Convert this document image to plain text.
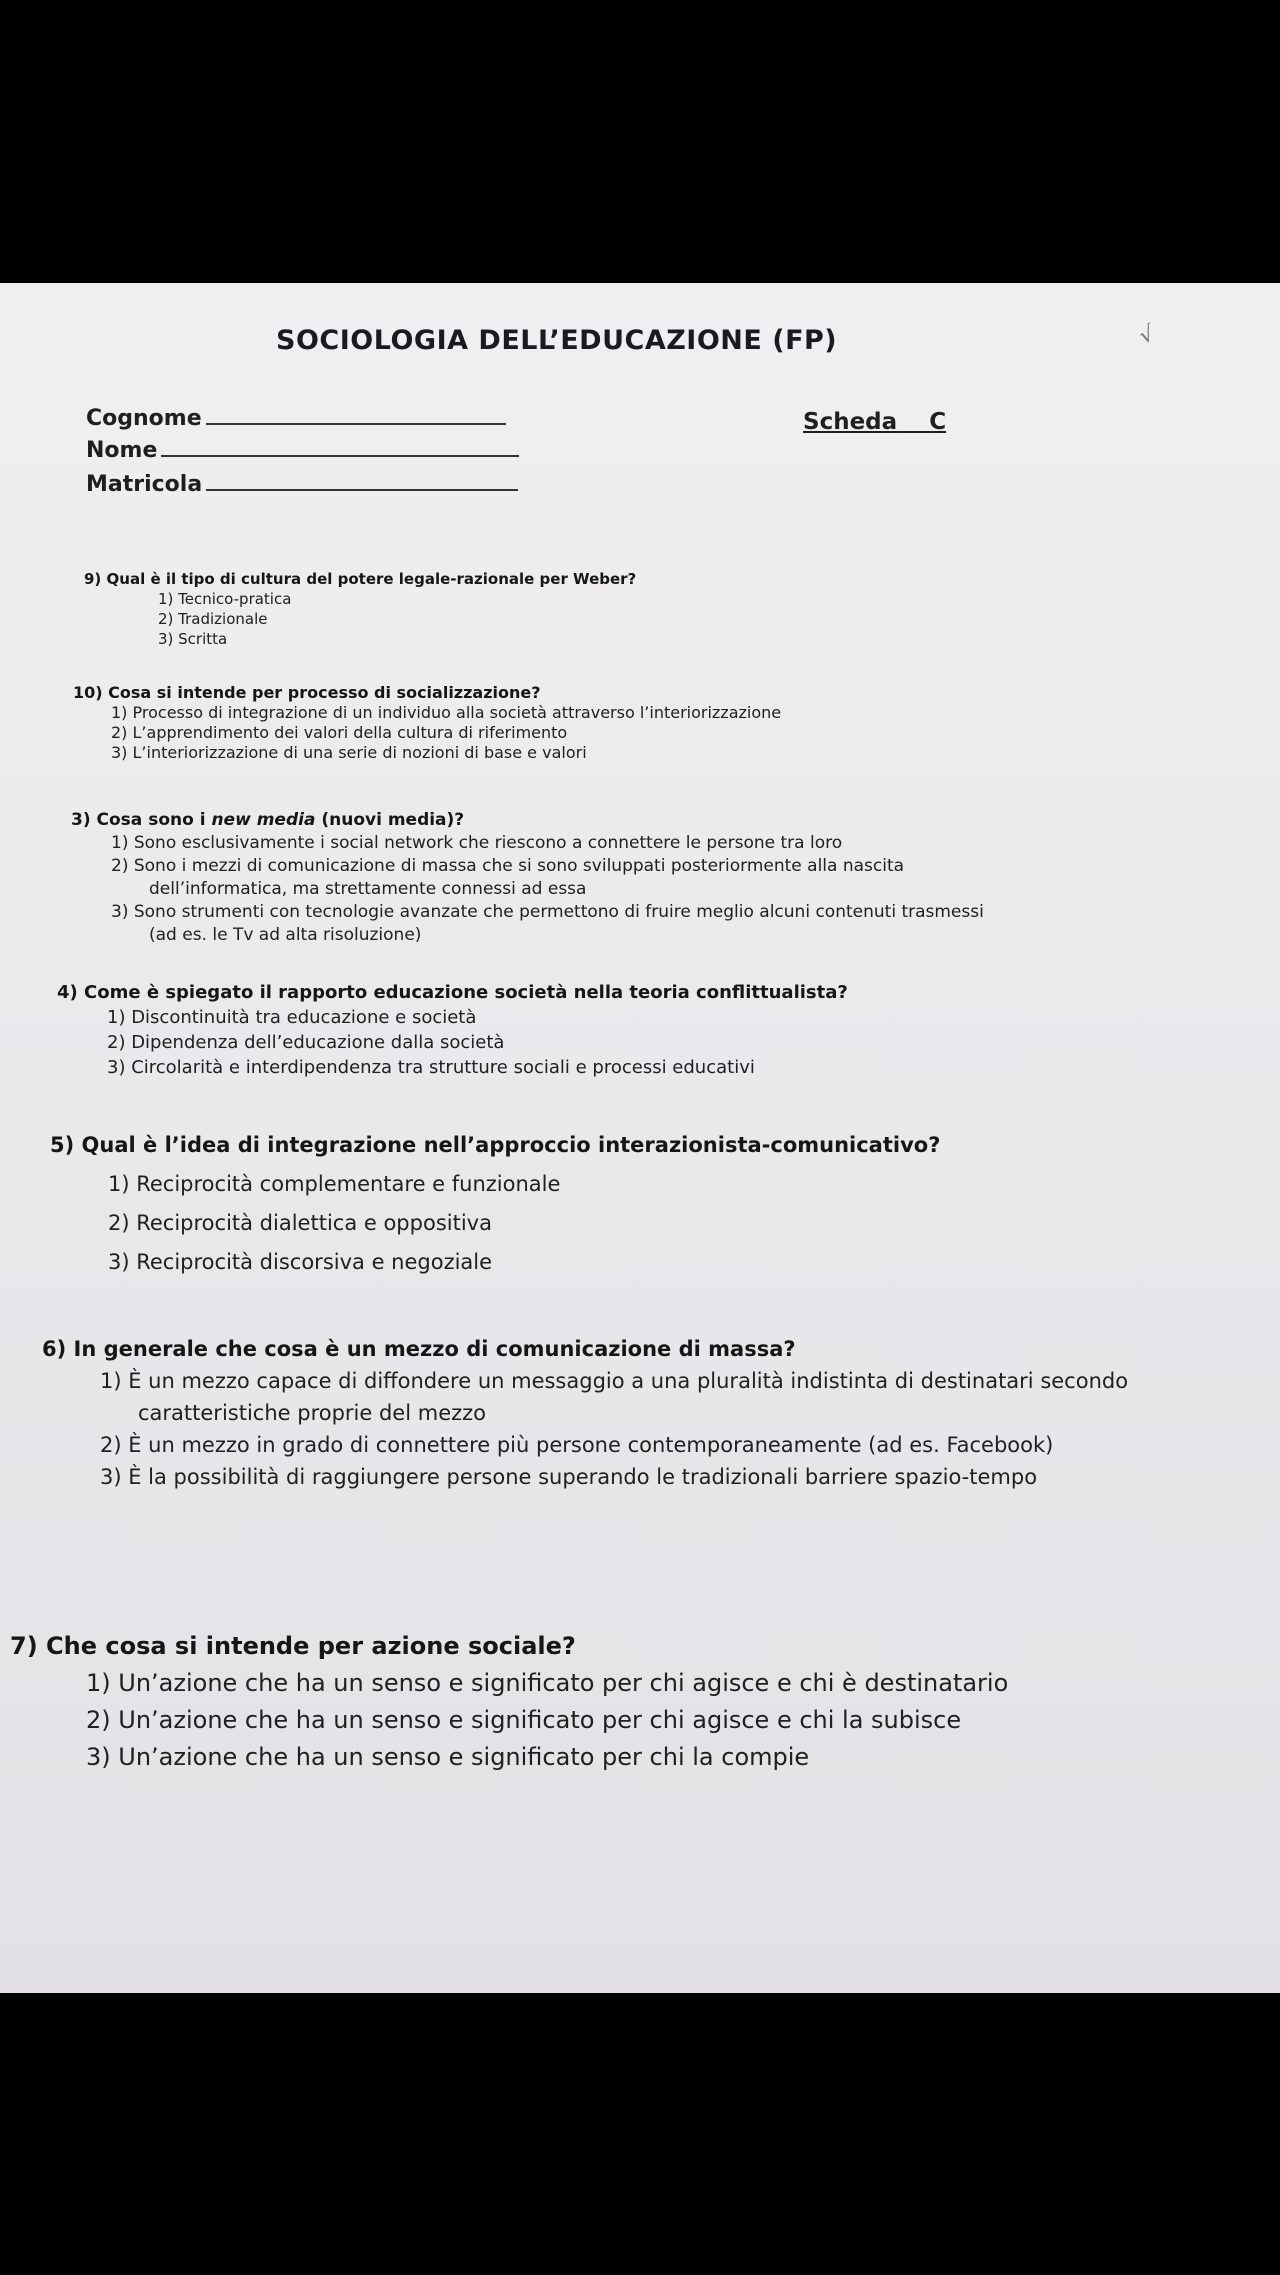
SOCIOLOGIA DELL’EDUCAZIONE (FP)	√
Cognome
Nome
Matricola
Scheda C
9) Qual è il tipo di cultura del potere legale-razionale per Weber?
1) Tecnico-pratica
2) Tradizionale
3) Scritta
10) Cosa si intende per processo di socializzazione?
1) Processo di integrazione di un individuo alla società attraverso l’interiorizzazione
2) L’apprendimento dei valori della cultura di riferimento
3) L’interiorizzazione di una serie di nozioni di base e valori
3) Cosa sono i new media (nuovi media)?
1) Sono esclusivamente i social network che riescono a connettere le persone tra loro
2) Sono i mezzi di comunicazione di massa che si sono sviluppati posteriormente alla nascita
dell’informatica, ma strettamente connessi ad essa
3) Sono strumenti con tecnologie avanzate che permettono di fruire meglio alcuni contenuti trasmessi
(ad es. le Tv ad alta risoluzione)
4) Come è spiegato il rapporto educazione società nella teoria conflittualista?
1) Discontinuità tra educazione e società
2) Dipendenza dell’educazione dalla società
3) Circolarità e interdipendenza tra strutture sociali e processi educativi
5) Qual è l’idea di integrazione nell’approccio interazionista-comunicativo?
1) Reciprocità complementare e funzionale
2) Reciprocità dialettica e oppositiva
3) Reciprocità discorsiva e negoziale
6) In generale che cosa è un mezzo di comunicazione di massa?
1) È un mezzo capace di diffondere un messaggio a una pluralità indistinta di destinatari secondo
caratteristiche proprie del mezzo
2) È un mezzo in grado di connettere più persone contemporaneamente (ad es. Facebook)
3) È la possibilità di raggiungere persone superando le tradizionali barriere spazio-tempo
7) Che cosa si intende per azione sociale?
1) Un’azione che ha un senso e significato per chi agisce e chi è destinatario
2) Un’azione che ha un senso e significato per chi agisce e chi la subisce
3) Un’azione che ha un senso e significato per chi la compie
